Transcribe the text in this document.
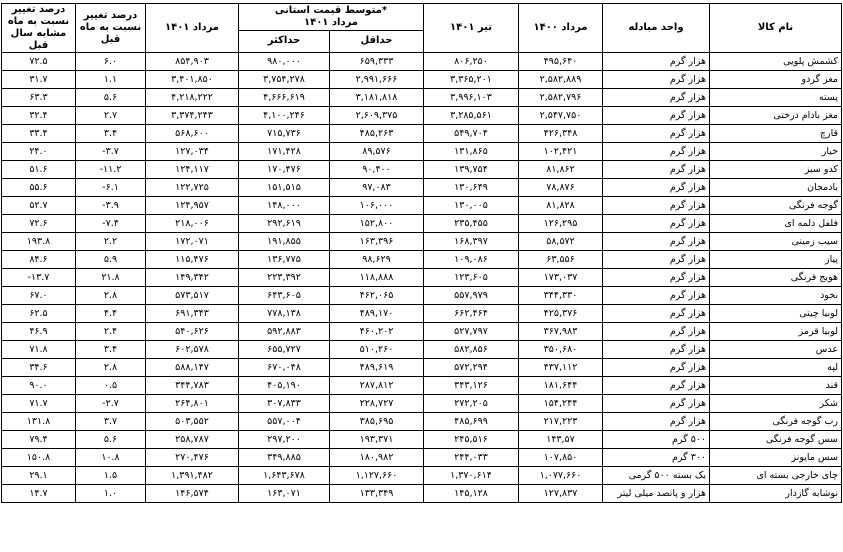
درصد تغییر نسبت به ماه مشابه سال قبل	درصد تغییر نسبت به ماه قبل	مرداد ۱۴۰۱	متوسط قیمت استانی*
مرداد ۱۴۰۱		تیر ۱۴۰۱	مرداد ۱۴۰۰	واحد مبادله	نام کالا
			حداکثر	حداقل				
۷۲.۵	۶.۰	۸۵۴,۹۰۳	۹۸۰,۰۰۰	۶۵۹,۳۳۳	۸۰۶,۲۵۰	۴۹۵,۶۴۰	هزار گرم	کشمش پلویی
۳۱.۷	۱.۱	۳,۴۰۱,۸۵۰	۳,۷۵۴,۲۷۸	۲,۹۹۱,۶۶۶	۳,۳۶۵,۲۰۱	۲,۵۸۲,۸۸۹	هزار گرم	مغز گردو
۶۳.۳	۵.۶	۴,۲۱۸,۲۲۲	۴,۶۶۶,۶۱۹	۳,۱۸۱,۸۱۸	۳,۹۹۶,۱۰۳	۲,۵۸۲,۷۹۶	هزار گرم	پسته
۳۲.۴	۲.۷	۳,۳۷۴,۲۴۳	۴,۱۰۰,۲۴۶	۲,۶۰۹,۳۷۵	۳,۲۸۵,۵۶۱	۲,۵۴۷,۷۵۰	هزار گرم	مغز بادام درختی
۳۳.۴	۳.۴	۵۶۸,۶۰۰	۷۱۵,۷۳۶	۴۸۵,۲۶۳	۵۴۹,۷۰۴	۴۲۶,۳۴۸	هزار گرم	قارچ
۲۴.۰	-۳.۷	۱۲۷,۰۳۴	۱۷۱,۴۲۸	۸۹,۵۷۶	۱۳۱,۸۶۵	۱۰۲,۴۲۱	هزار گرم	خیار
۵۱.۶	-۱۱.۲	۱۲۴,۱۱۷	۱۷۰,۴۷۶	۹۰,۴۰۰	۱۳۹,۷۵۴	۸۱,۸۶۲	هزار گرم	کدو سبز
۵۵.۶	-۶.۱	۱۲۲,۷۲۵	۱۵۱,۵۱۵	۹۷,۰۸۳	۱۳۰,۶۴۹	۷۸,۸۷۶	هزار گرم	بادمجان
۵۲.۷	-۳.۹	۱۲۴,۹۵۷	۱۴۸,۰۰۰	۱۰۶,۰۰۰	۱۳۰,۰۰۵	۸۱,۸۲۸	هزار گرم	گوجه فرنگی
۷۲.۶	-۷.۴	۲۱۸,۰۰۶	۲۹۲,۶۱۹	۱۵۲,۸۰۰	۲۳۵,۴۵۵	۱۲۶,۲۹۵	هزار گرم	فلفل دلمه ای
۱۹۳.۸	۲.۲	۱۷۲,۰۷۱	۱۹۱,۸۵۵	۱۶۳,۳۹۶	۱۶۸,۳۹۷	۵۸,۵۷۲	هزار گرم	سیب زمینی
۸۴.۶	۵.۹	۱۱۵,۴۷۶	۱۳۶,۷۷۵	۹۸,۶۲۹	۱۰۹,۰۸۶	۶۳,۵۵۶	هزار گرم	پیاز
-۱۳.۷	۲۱.۸	۱۴۹,۳۴۲	۲۲۳,۳۹۲	۱۱۸,۸۸۸	۱۲۳,۶۰۵	۱۷۳,۰۳۷	هزار گرم	هویج فرنگی
۶۷.۰	۲.۸	۵۷۳,۵۱۷	۶۴۳,۶۰۵	۴۶۲,۰۶۵	۵۵۷,۹۷۹	۳۴۴,۳۳۰	هزار گرم	نخود
۶۲.۵	۴.۴	۶۹۱,۳۴۳	۷۷۸,۱۳۸	۴۸۹,۱۷۰	۶۶۲,۴۶۴	۴۲۵,۳۷۶	هزار گرم	لوبیا چیتی
۴۶.۹	۲.۴	۵۴۰,۶۲۶	۵۹۲,۸۸۳	۴۶۰,۲۰۲	۵۲۷,۷۹۷	۳۶۷,۹۸۳	هزار گرم	لوبیا قرمز
۷۱.۸	۳.۴	۶۰۲,۵۷۸	۶۵۵,۷۲۷	۵۱۰,۲۶۰	۵۸۲,۸۵۶	۳۵۰,۶۸۰	هزار گرم	عدس
۳۴.۶	۲.۸	۵۸۸,۱۴۷	۶۷۰,۰۴۸	۴۸۹,۶۱۹	۵۷۲,۲۹۴	۴۳۷,۱۱۲	هزار گرم	لپه
۹۰.۰	۰.۵	۳۴۴,۷۸۳	۴۰۵,۱۹۰	۲۸۷,۸۱۲	۳۴۳,۱۲۶	۱۸۱,۶۴۴	هزار گرم	قند
۷۱.۷	-۲.۷	۲۶۴,۸۰۱	۳۰۷,۸۳۳	۲۲۸,۷۲۷	۲۷۲,۲۰۵	۱۵۴,۲۴۴	هزار گرم	شکر
۱۳۱.۸	۳.۷	۵۰۳,۵۵۲	۵۵۷,۰۰۴	۳۸۵,۶۹۵	۴۸۵,۶۹۹	۲۱۷,۲۲۳	هزار گرم	رب گوجه فرنگی
۷۹.۴	۵.۶	۲۵۸,۷۸۷	۲۹۷,۲۰۰	۱۹۳,۳۷۱	۲۴۵,۵۱۶	۱۴۳,۵۷	۵۰۰ گرم	سس گوجه فرنگی
۱۵۰.۸	۱۰.۸	۲۷۰,۴۷۶	۳۴۹,۸۸۵	۱۸۰,۹۸۲	۲۴۴,۰۳۳	۱۰۷,۸۵۰	۳۰۰ گرم	سس مایونز
۲۹.۱	۱.۵	۱,۳۹۱,۴۸۲	۱,۶۴۳,۶۷۸	۱,۱۲۷,۶۶۰	۱,۳۷۰,۶۱۴	۱,۰۷۷,۶۶۰	یک بسته ۵۰۰ گرمی	چای خارجی بسته ای
۱۴.۷	۱.۰	۱۴۶,۵۷۴	۱۶۳,۰۷۱	۱۳۳,۳۴۹	۱۴۵,۱۲۸	۱۲۷,۸۳۷	هزار و پانصد میلی لیتر	نوشابه گازدار
